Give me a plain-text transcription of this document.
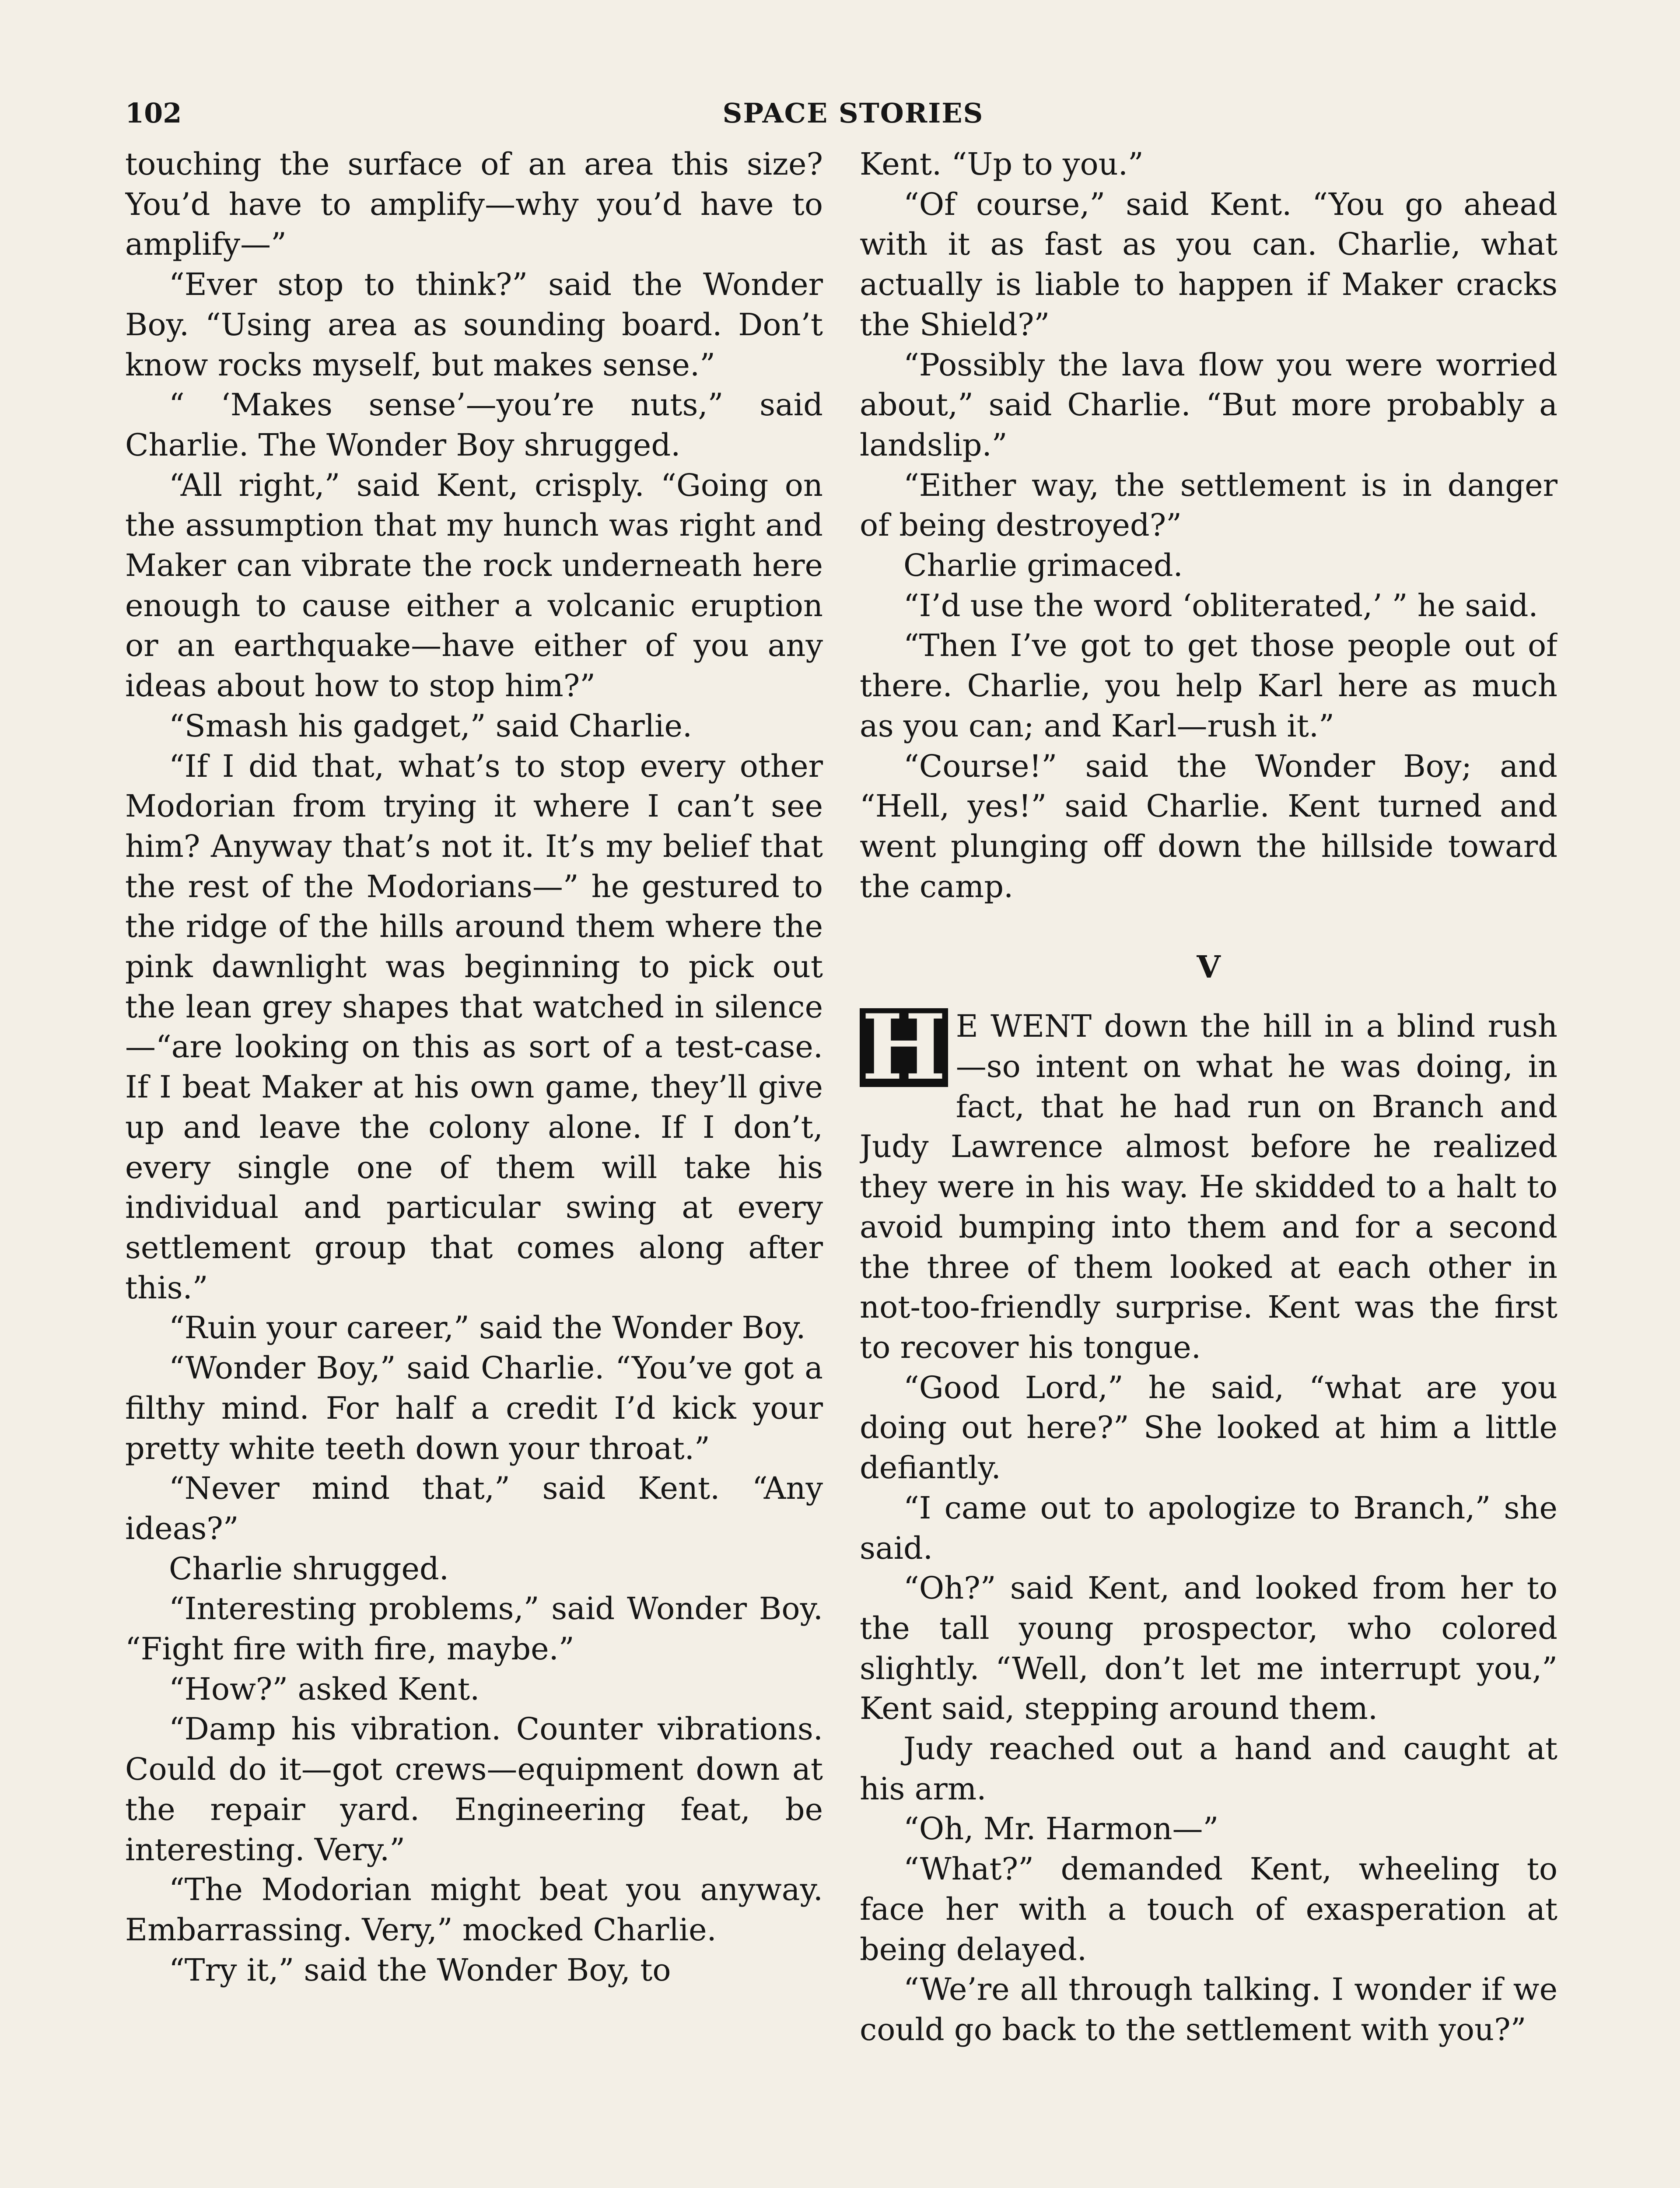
102	SPACE STORIES

touching the surface of an area this size? You’d have to amplify—why you’d have to amplify—”

“Ever stop to think?” said the Wonder Boy. “Using area as sounding board. Don’t know rocks myself, but makes sense.”

“ ‘Makes sense’—you’re nuts,” said Charlie. The Wonder Boy shrugged.

“All right,” said Kent, crisply. “Going on the assumption that my hunch was right and Maker can vibrate the rock underneath here enough to cause either a volcanic eruption or an earthquake—have either of you any ideas about how to stop him?”

“Smash his gadget,” said Charlie.

“If I did that, what’s to stop every other Modorian from trying it where I can’t see him? Anyway that’s not it. It’s my belief that the rest of the Modorians—” he gestured to the ridge of the hills around them where the pink dawnlight was beginning to pick out the lean grey shapes that watched in silence—“are looking on this as sort of a test-case. If I beat Maker at his own game, they’ll give up and leave the colony alone. If I don’t, every single one of them will take his individual and particular swing at every settlement group that comes along after this.”

“Ruin your career,” said the Wonder Boy.

“Wonder Boy,” said Charlie. “You’ve got a filthy mind. For half a credit I’d kick your pretty white teeth down your throat.”

“Never mind that,” said Kent. “Any ideas?”

Charlie shrugged.

“Interesting problems,” said Wonder Boy. “Fight fire with fire, maybe.”

“How?” asked Kent.

“Damp his vibration. Counter vibrations. Could do it—got crews—equipment down at the repair yard. Engineering feat, be interesting. Very.”

“The Modorian might beat you anyway. Embarrassing. Very,” mocked Charlie.

“Try it,” said the Wonder Boy, to

Kent. “Up to you.”

“Of course,” said Kent. “You go ahead with it as fast as you can. Charlie, what actually is liable to happen if Maker cracks the Shield?”

“Possibly the lava flow you were worried about,” said Charlie. “But more probably a landslip.”

“Either way, the settlement is in danger of being destroyed?”

Charlie grimaced.

“I’d use the word ‘obliterated,’ ” he said.

“Then I’ve got to get those people out of there. Charlie, you help Karl here as much as you can; and Karl—rush it.”

“Course!” said the Wonder Boy; and “Hell, yes!” said Charlie. Kent turned and went plunging off down the hillside toward the camp.

V

H E WENT down the hill in a blind rush—so intent on what he was doing, in fact, that he had run on Branch and Judy Lawrence almost before he realized they were in his way. He skidded to a halt to avoid bumping into them and for a second the three of them looked at each other in not-too-friendly surprise. Kent was the first to recover his tongue.

“Good Lord,” he said, “what are you doing out here?” She looked at him a little defiantly.

“I came out to apologize to Branch,” she said.

“Oh?” said Kent, and looked from her to the tall young prospector, who colored slightly. “Well, don’t let me interrupt you,” Kent said, stepping around them.

Judy reached out a hand and caught at his arm.

“Oh, Mr. Harmon—”

“What?” demanded Kent, wheeling to face her with a touch of exasperation at being delayed.

“We’re all through talking. I wonder if we could go back to the settlement with you?”
